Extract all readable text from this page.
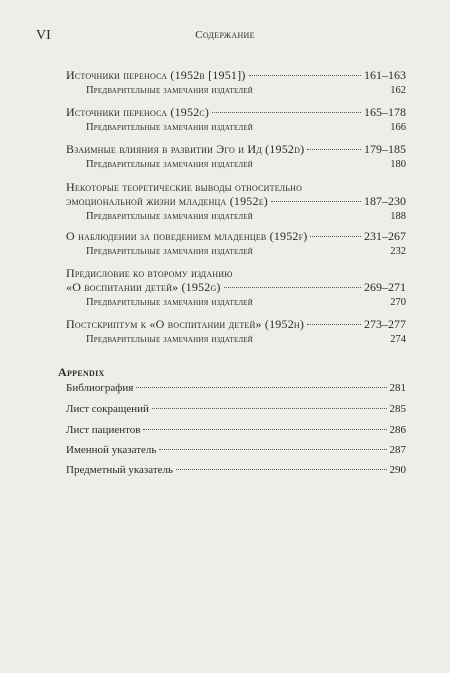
VI	Содержание
Источники переноса (1952b [1951])	161–163
Предварительные замечания издателей	162
Источники переноса (1952c)	165–178
Предварительные замечания издателей	166
Взаимные влияния в развитии Эго и Ид (1952d)	179–185
Предварительные замечания издателей	180
Некоторые теоретические выводы относительно
эмоциональной жизни младенца (1952e)	187–230
Предварительные замечания издателей	188
О наблюдении за поведением младенцев (1952f)	231–267
Предварительные замечания издателей	232
Предисловие ко второму изданию
«О воспитании детей» (1952g)	269–271
Предварительные замечания издателей	270
Постскриптум к «О воспитании детей» (1952h)	273–277
Предварительные замечания издателей	274
Appendix
Библиография	281
Лист сокращений	285
Лист пациентов	286
Именной указатель	287
Предметный указатель	290
